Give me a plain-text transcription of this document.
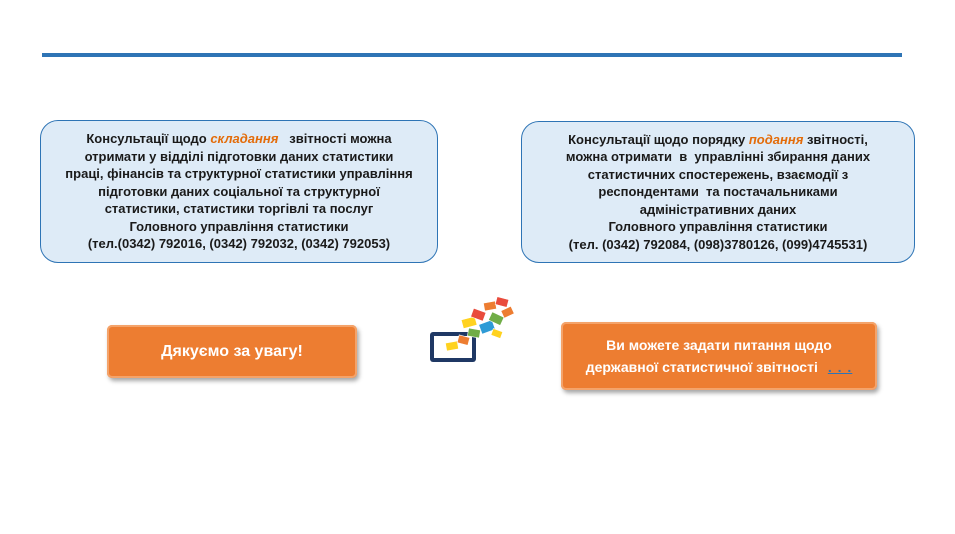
Консультації щодо складання   звітності можна
отримати у відділі підготовки даних статистики
праці, фінансів та структурної статистики управління
підготовки даних соціальної та структурної
статистики, статистики торгівлі та послуг
Головного управління статистики
(тел.(0342) 792016, (0342) 792032, (0342) 792053)
Консультації щодо порядку подання звітності,
можна отримати  в  управлінні збирання даних
статистичних спостережень, взаємодії з
респондентами  та постачальниками
адміністративних даних
Головного управління статистики
(тел. (0342) 792084, (098)3780126, (099)4745531)
Дякуємо за увагу!	Ви можете задати питання щодо
державної статистичної звітності . . .
